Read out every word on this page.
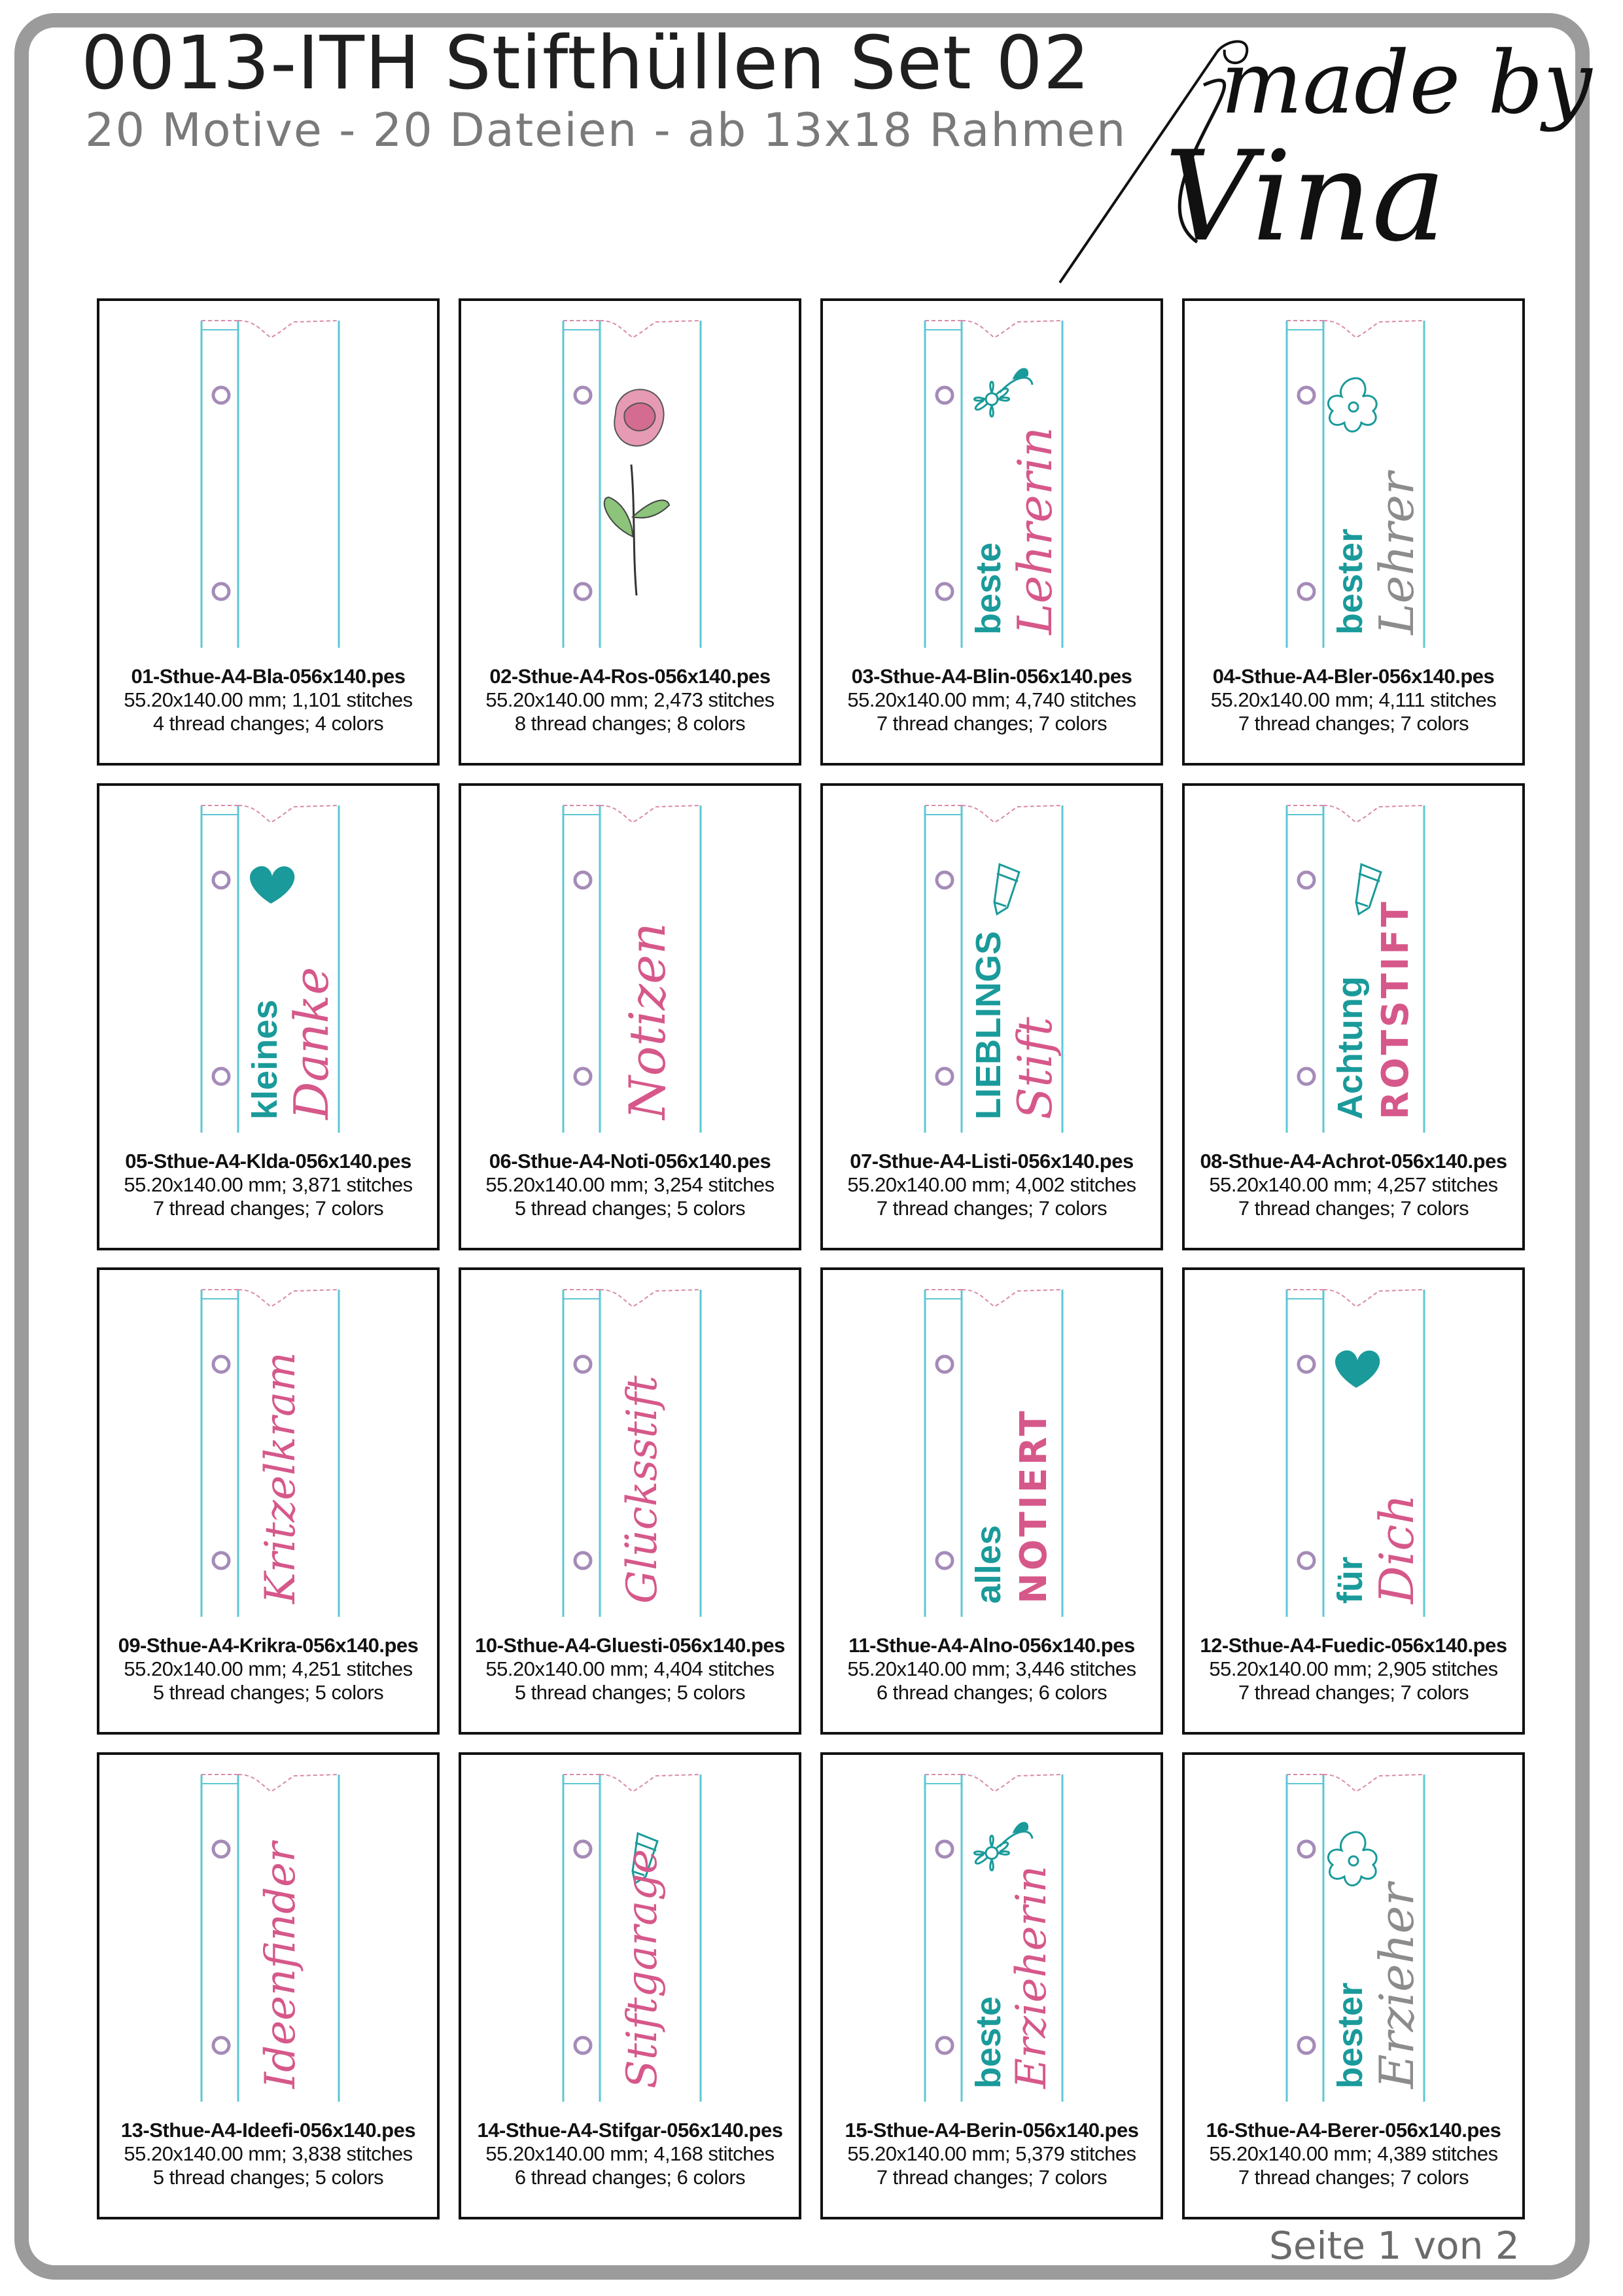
0013-ITH Stifthüllen Set 02
20 Motive - 20 Dateien - ab 13x18 Rahmen made by
Vina
01-Sthue-A4-Bla-056x140.pes
55.20x140.00 mm; 1,101 stitches
4 thread changes; 4 colors
02-Sthue-A4-Ros-056x140.pes
55.20x140.00 mm; 2,473 stitches
8 thread changes; 8 colors
beste Lehrerin
03-Sthue-A4-Blin-056x140.pes
55.20x140.00 mm; 4,740 stitches
7 thread changes; 7 colors
bester Lehrer
04-Sthue-A4-Bler-056x140.pes
55.20x140.00 mm; 4,111 stitches
7 thread changes; 7 colors
kleines Danke
05-Sthue-A4-Klda-056x140.pes
55.20x140.00 mm; 3,871 stitches
7 thread changes; 7 colors
Notizen
06-Sthue-A4-Noti-056x140.pes
55.20x140.00 mm; 3,254 stitches
5 thread changes; 5 colors
LIEBLINGS Stift
07-Sthue-A4-Listi-056x140.pes
55.20x140.00 mm; 4,002 stitches
7 thread changes; 7 colors
Achtung ROTSTIFT
08-Sthue-A4-Achrot-056x140.pes
55.20x140.00 mm; 4,257 stitches
7 thread changes; 7 colors
Kritzelkram
09-Sthue-A4-Krikra-056x140.pes
55.20x140.00 mm; 4,251 stitches
5 thread changes; 5 colors
Glücksstift
10-Sthue-A4-Gluesti-056x140.pes
55.20x140.00 mm; 4,404 stitches
5 thread changes; 5 colors
alles NOTIERT
11-Sthue-A4-Alno-056x140.pes
55.20x140.00 mm; 3,446 stitches
6 thread changes; 6 colors
für Dich
12-Sthue-A4-Fuedic-056x140.pes
55.20x140.00 mm; 2,905 stitches
7 thread changes; 7 colors
Ideenfinder
13-Sthue-A4-Ideefi-056x140.pes
55.20x140.00 mm; 3,838 stitches
5 thread changes; 5 colors
Stiftgarage
14-Sthue-A4-Stifgar-056x140.pes
55.20x140.00 mm; 4,168 stitches
6 thread changes; 6 colors
beste Erzieherin
15-Sthue-A4-Berin-056x140.pes
55.20x140.00 mm; 5,379 stitches
7 thread changes; 7 colors
bester Erzieher
16-Sthue-A4-Berer-056x140.pes
55.20x140.00 mm; 4,389 stitches
7 thread changes; 7 colors
Seite 1 von 2
